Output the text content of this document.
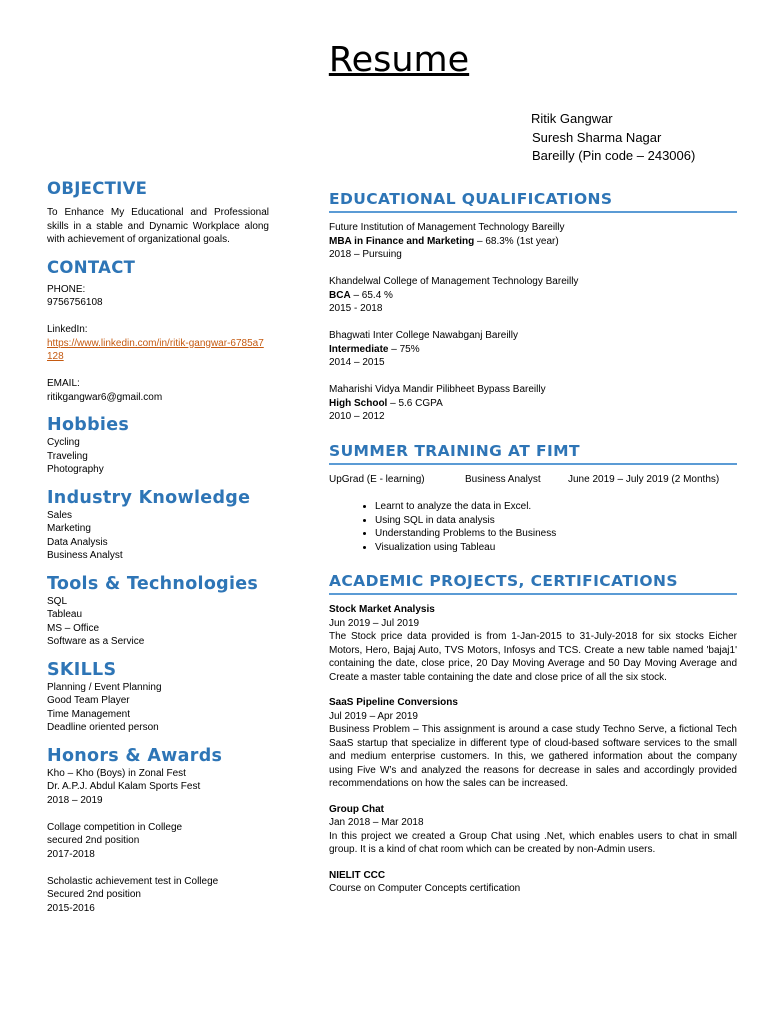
Resume
Ritik Gangwar
Suresh Sharma Nagar
Bareilly (Pin code – 243006)
OBJECTIVE

To Enhance My Educational and Professional skills in a stable and Dynamic Workplace along with achievement of organizational goals.

CONTACT
PHONE:
9756756108
LinkedIn:
https://www.linkedin.com/in/ritik-gangwar-6785a7128
EMAIL:
ritikgangwar6@gmail.com
Hobbies
Cycling
Traveling
Photography
Industry Knowledge
Sales
Marketing
Data Analysis
Business Analyst
Tools & Technologies
SQL
Tableau
MS – Office
Software as a Service
SKILLS
Planning / Event Planning
Good Team Player
Time Management
Deadline oriented person
Honors & Awards
Kho – Kho (Boys) in Zonal Fest
Dr. A.P.J. Abdul Kalam Sports Fest
2018 – 2019
Collage competition in College
secured 2nd position
2017-2018
Scholastic achievement test in College
Secured 2nd position
2015-2016
EDUCATIONAL QUALIFICATIONS
Future Institution of Management Technology Bareilly
MBA in Finance and Marketing – 68.3% (1st year)
2018 – Pursuing
Khandelwal College of Management Technology Bareilly
BCA – 65.4 %
2015 - 2018
Bhagwati Inter College Nawabganj Bareilly
Intermediate – 75%
2014 – 2015
Maharishi Vidya Mandir Pilibheet Bypass Bareilly
High School – 5.6 CGPA
2010 – 2012
SUMMER TRAINING AT FIMT
UpGrad (E - learning)	Business Analyst	June 2019 – July 2019 (2 Months)
• Learnt to analyze the data in Excel.
• Using SQL in data analysis
• Understanding Problems to the Business
• Visualization using Tableau
ACADEMIC PROJECTS, CERTIFICATIONS
Stock Market Analysis
Jun 2019 – Jul 2019
The Stock price data provided is from 1-Jan-2015 to 31-July-2018 for six stocks Eicher Motors, Hero, Bajaj Auto, TVS Motors, Infosys and TCS. Create a new table named 'bajaj1' containing the date, close price, 20 Day Moving Average and 50 Day Moving Average and Create a master table containing the date and close price of all the six stock.
SaaS Pipeline Conversions
Jul 2019 – Apr 2019
Business Problem – This assignment is around a case study Techno Serve, a fictional Tech SaaS startup that specialize in different type of cloud-based software services to the small and medium enterprise customers. In this, we gathered information about the company using Five W’s and analyzed the reasons for decrease in sales and accordingly provided recommendations on how the sales can be increased.
Group Chat
Jan 2018 – Mar 2018
In this project we created a Group Chat using .Net, which enables users to chat in small group. It is a kind of chat room which can be created by non-Admin users.
NIELIT CCC
Course on Computer Concepts certification
